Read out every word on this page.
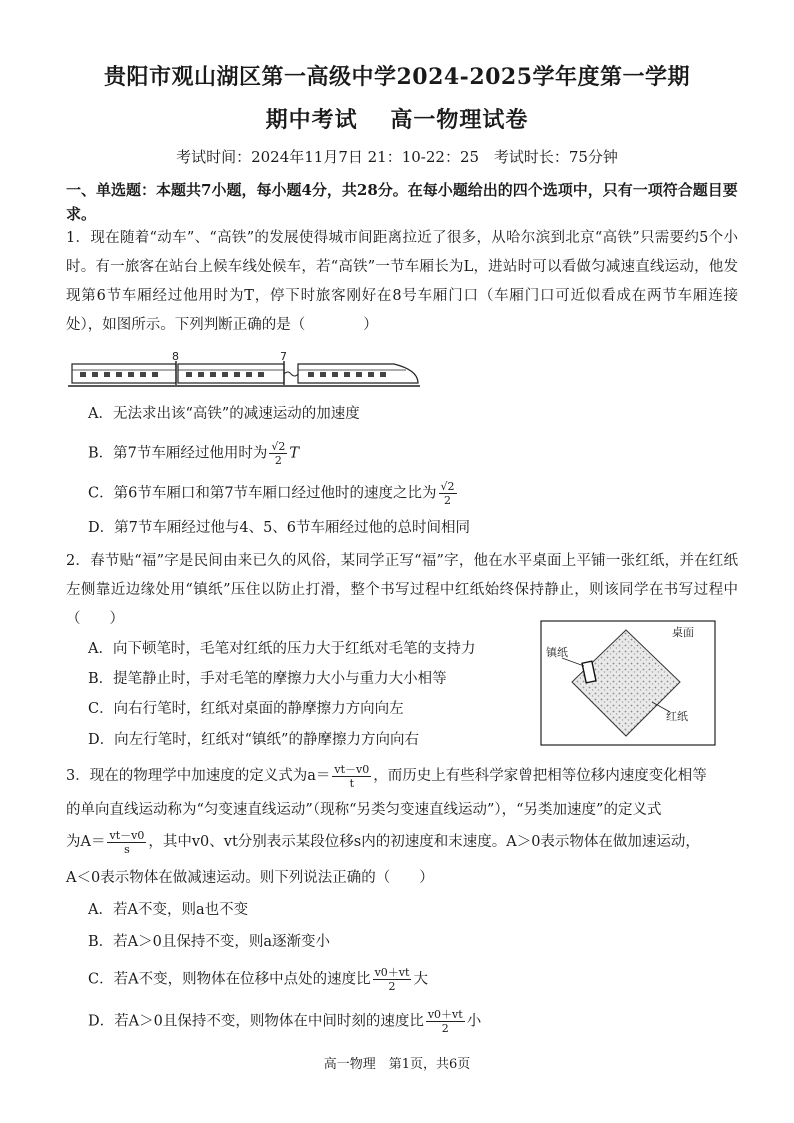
贵阳市观山湖区第一高级中学2024-2025学年度第一学期
期中考试 高一物理试卷
考试时间：2024年11月7日 21：10-22：25 考试时长：75分钟
一、单选题：本题共7小题，每小题4分，共28分。在每小题给出的四个选项中，只有一项符合题目要求。
1．现在随着“动车”、“高铁”的发展使得城市间距离拉近了很多，从哈尔滨到北京“高铁”只需要约5个小时。有一旅客在站台上候车线处候车，若“高铁”一节车厢长为L，进站时可以看做匀减速直线运动，他发现第6节车厢经过他用时为T，停下时旅客刚好在8号车厢门口（车厢门口可近似看成在两节车厢连接处），如图所示。下列判断正确的是（　　　　）
8	7
A．无法求出该“高铁”的减速运动的加速度
B．第7节车厢经过他用时为 $\frac{√2}{2}$ T
C．第6节车厢口和第7节车厢口经过他时的速度之比为 $\frac{√2}{2}$
D．第7节车厢经过他与4、5、6节车厢经过他的总时间相同
2．春节贴“福”字是民间由来已久的风俗，某同学正写“福”字，他在水平桌面上平铺一张红纸，并在红纸左侧靠近边缘处用“镇纸”压住以防止打滑，整个书写过程中红纸始终保持静止，则该同学在书写过程中（　　）
桌面
镇纸
红纸
A．向下顿笔时，毛笔对红纸的压力大于红纸对毛笔的支持力
B．提笔静止时，手对毛笔的摩擦力大小与重力大小相等
C．向右行笔时，红纸对桌面的静摩擦力方向向左
D．向左行笔时，红纸对“镇纸”的静摩擦力方向向右
3．现在的物理学中加速度的定义式为$a= \frac{vt-v0}{t}$ ，而历史上有些科学家曾把相等位移内速度变化相等
的单向直线运动称为“匀变速直线运动”（现称“另类匀变速直线运动”），“另类加速度”的定义式
为$A= \frac{vt-v0}{s}$ ，其中v0、vt分别表示某段位移s内的初速度和末速度。A＞0表示物体在做加速运动，
A＜0表示物体在做减速运动。则下列说法正确的（　　）
A．若A不变，则a也不变
B．若A＞0且保持不变，则a逐渐变小
C．若A不变，则物体在位移中点处的速度比 $\frac{v0+vt}{2}$ 大
D．若A＞0且保持不变，则物体在中间时刻的速度比 $\frac{v0+vt}{2}$ 小
高一物理　第1页，共6页
